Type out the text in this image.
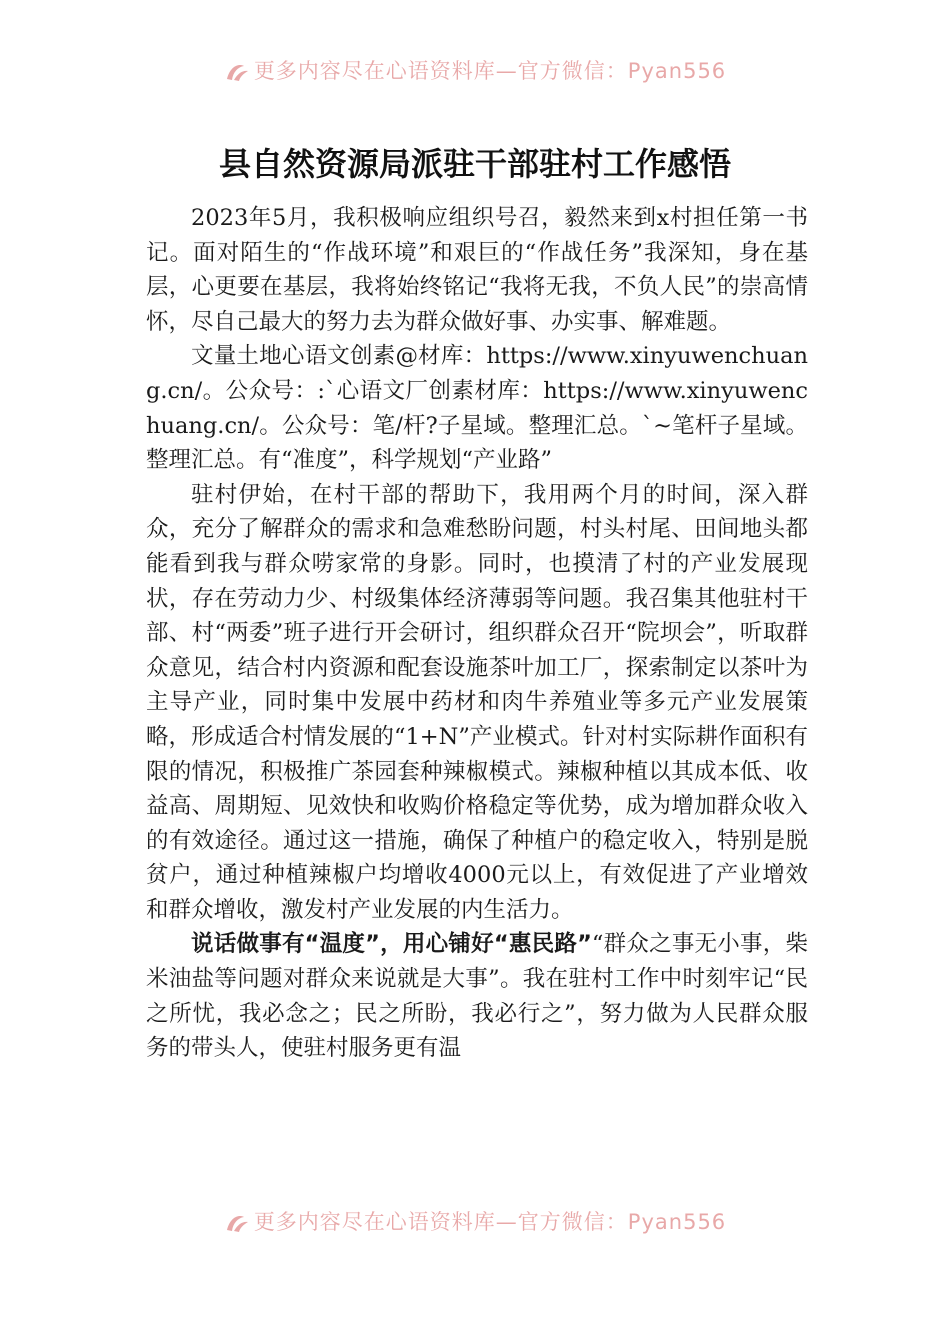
更多内容尽在心语资料库—官方微信：Pyan556
县自然资源局派驻干部驻村工作感悟

2023年5月，我积极响应组织号召，毅然来到x村担任第一书记。面对陌生的“作战环境”和艰巨的“作战任务”我深知，身在基层，心更要在基层，我将始终铭记“我将无我，不负人民”的崇高情怀，尽自己最大的努力去为群众做好事、办实事、解难题。

文量土地心语文创素@材库：https://www.xinyuwenchuang.cn/。公众号：:`心语文厂创素材库：https://www.xinyuwenchuang.cn/。公众号：笔/杆?子星域。整理汇总。`~笔杆子星域。整理汇总。有“准度”，科学规划“产业路”

驻村伊始，在村干部的帮助下，我用两个月的时间，深入群众，充分了解群众的需求和急难愁盼问题，村头村尾、田间地头都能看到我与群众唠家常的身影。同时，也摸清了村的产业发展现状，存在劳动力少、村级集体经济薄弱等问题。我召集其他驻村干部、村“两委”班子进行开会研讨，组织群众召开“院坝会”，听取群众意见，结合村内资源和配套设施茶叶加工厂，探索制定以茶叶为主导产业，同时集中发展中药材和肉牛养殖业等多元产业发展策略，形成适合村情发展的“1+N”产业模式。针对村实际耕作面积有限的情况，积极推广茶园套种辣椒模式。辣椒种植以其成本低、收益高、周期短、见效快和收购价格稳定等优势，成为增加群众收入的有效途径。通过这一措施，确保了种植户的稳定收入，特别是脱贫户，通过种植辣椒户均增收4000元以上，有效促进了产业增效和群众增收，激发村产业发展的内生活力。

说话做事有“温度”，用心铺好“惠民路”“群众之事无小事，柴米油盐等问题对群众来说就是大事”。我在驻村工作中时刻牢记“民之所忧，我必念之；民之所盼，我必行之”，努力做为人民群众服务的带头人，使驻村服务更有温

更多内容尽在心语资料库—官方微信：Pyan556
